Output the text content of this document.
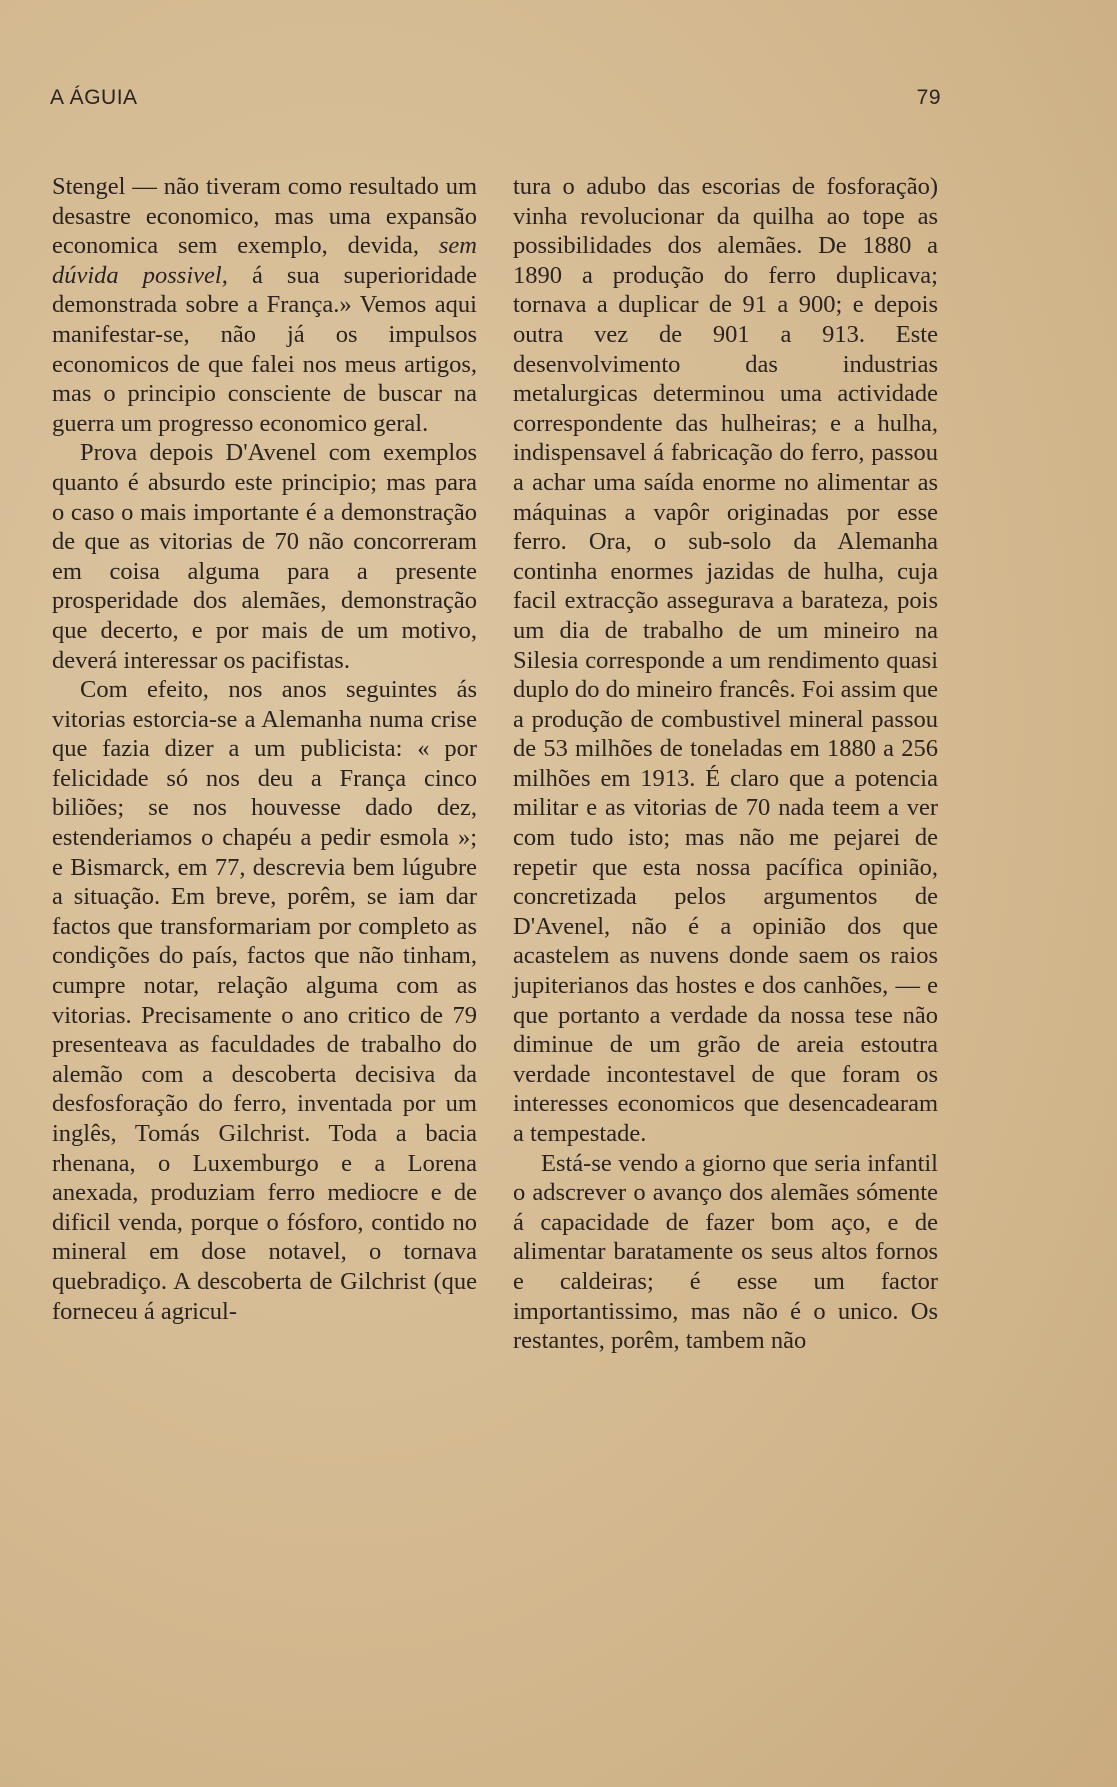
A ÁGUIA	79

Stengel — não tiveram como resultado um desastre economico, mas uma expansão economica sem exemplo, devida, sem dúvida possivel, á sua superioridade demonstrada sobre a França.» Vemos aqui manifestar-se, não já os impulsos economicos de que falei nos meus artigos, mas o principio consciente de buscar na guerra um progresso economico geral.

Prova depois D'Avenel com exemplos quanto é absurdo este principio; mas para o caso o mais importante é a demonstração de que as vitorias de 70 não concorreram em coisa alguma para a presente prosperidade dos alemães, demonstração que decerto, e por mais de um motivo, deverá interessar os pacifistas.

Com efeito, nos anos seguintes ás vitorias estorcia-se a Alemanha numa crise que fazia dizer a um publicista: « por felicidade só nos deu a França cinco biliões; se nos houvesse dado dez, estenderiamos o chapéu a pedir esmola »; e Bismarck, em 77, descrevia bem lúgubre a situação. Em breve, porêm, se iam dar factos que transformariam por completo as condições do país, factos que não tinham, cumpre notar, relação alguma com as vitorias. Precisamente o ano critico de 79 presenteava as faculdades de trabalho do alemão com a descoberta decisiva da desfosforação do ferro, inventada por um inglês, Tomás Gilchrist. Toda a bacia rhenana, o Luxemburgo e a Lorena anexada, produziam ferro mediocre e de dificil venda, porque o fósforo, contido no mineral em dose notavel, o tornava quebradiço. A descoberta de Gilchrist (que forneceu á agricul-

tura o adubo das escorias de fosforação) vinha revolucionar da quilha ao tope as possibilidades dos alemães. De 1880 a 1890 a produção do ferro duplicava; tornava a duplicar de 91 a 900; e depois outra vez de 901 a 913. Este desenvolvimento das industrias metalurgicas determinou uma actividade correspondente das hulheiras; e a hulha, indispensavel á fabricação do ferro, passou a achar uma saída enorme no alimentar as máquinas a vapôr originadas por esse ferro. Ora, o sub-solo da Alemanha continha enormes jazidas de hulha, cuja facil extracção assegurava a barateza, pois um dia de trabalho de um mineiro na Silesia corresponde a um rendimento quasi duplo do do mineiro francês. Foi assim que a produção de combustivel mineral passou de 53 milhões de toneladas em 1880 a 256 milhões em 1913. É claro que a potencia militar e as vitorias de 70 nada teem a ver com tudo isto; mas não me pejarei de repetir que esta nossa pacífica opinião, concretizada pelos argumentos de D'Avenel, não é a opinião dos que acastelem as nuvens donde saem os raios jupiterianos das hostes e dos canhões, — e que portanto a verdade da nossa tese não diminue de um grão de areia estoutra verdade incontestavel de que foram os interesses economicos que desencadearam a tempestade.

Está-se vendo a giorno que seria infantil o adscrever o avanço dos alemães sómente á capacidade de fazer bom aço, e de alimentar baratamente os seus altos fornos e caldeiras; é esse um factor importantissimo, mas não é o unico. Os restantes, porêm, tambem não
